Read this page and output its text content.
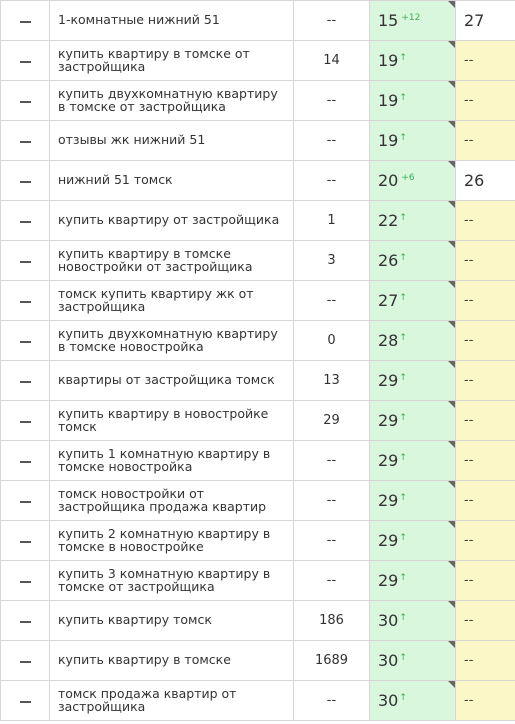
	1-комнатные нижний 51	--	15 $^{+12}$	27
	купить квартиру в томске от застройщика	14	19↑	--
	купить двухкомнатную квартиру в томске от застройщика	--	19↑	--
	отзывы жк нижний 51	--	19↑	--
	нижний 51 томск	--	20 $^{+6}$	26
	купить квартиру от застройщика	1	22↑	--
	купить квартиру в томске новостройки от застройщика	3	26↑	--
	томск купить квартиру жк от застройщика	--	27↑	--
	купить двухкомнатную квартиру в томске новостройка	0	28↑	--
	квартиры от застройщика томск	13	29↑	--
	купить квартиру в новостройке томск	29	29↑	--
	купить 1 комнатную квартиру в томске новостройка	--	29↑	--
	томск новостройки от застройщика продажа квартир	--	29↑	--
	купить 2 комнатную квартиру в томске в новостройке	--	29↑	--
	купить 3 комнатную квартиру в томске от застройщика	--	29↑	--
	купить квартиру томск	186	30↑	--
	купить квартиру в томске	1689	30↑	--
	томск продажа квартир от застройщика	--	30↑	--
